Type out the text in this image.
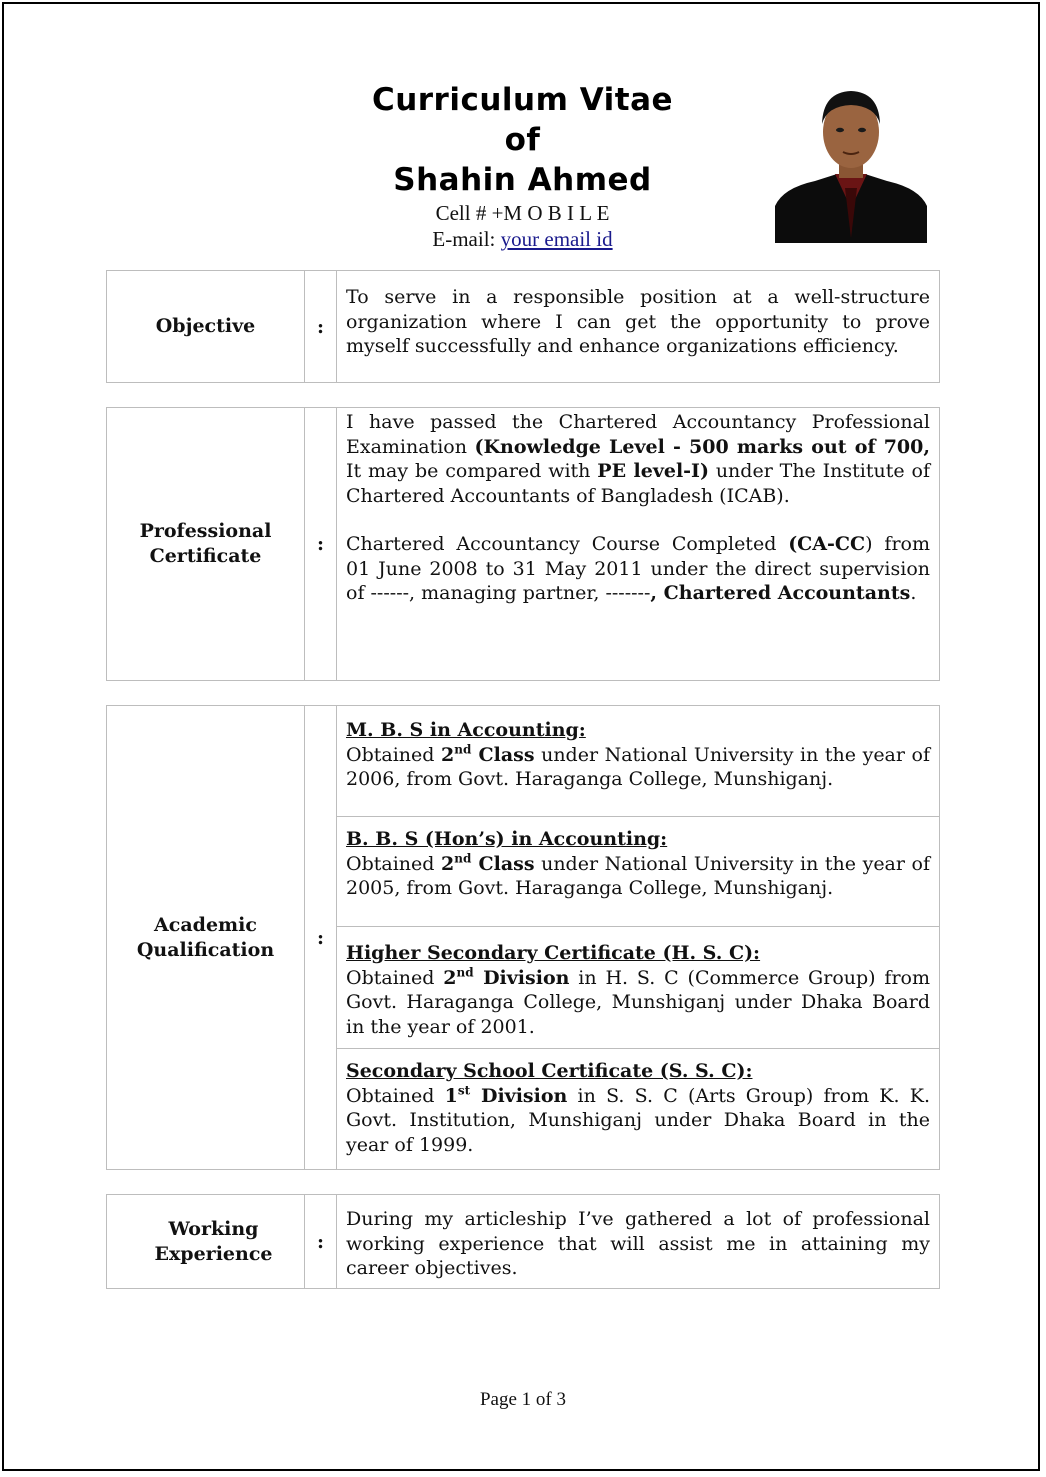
Curriculum Vitae
of
Shahin Ahmed
Cell # +M O B I L E
E-mail: your email id
Objective	:
To serve in a responsible position at a well-structure organization where I can get the opportunity to prove myself successfully and enhance organizations efficiency.
Professional
Certificate
:

I have passed the Chartered Accountancy Professional Examination (Knowledge Level - 500 marks out of 700, It may be compared with PE level-I) under The Institute of Chartered Accountants of Bangladesh (ICAB).

Chartered Accountancy Course Completed (CA-CC) from 01 June 2008 to 31 May 2011 under the direct supervision of ------, managing partner, -------, Chartered Accountants.

Academic
Qualification
:
M. B. S in Accounting:
Obtained 2nd Class under National University in the year of 2006, from Govt. Haraganga College, Munshiganj.
B. B. S (Hon’s) in Accounting:
Obtained 2nd Class under National University in the year of 2005, from Govt. Haraganga College, Munshiganj.
Higher Secondary Certificate (H. S. C):
Obtained 2nd Division in H. S. C (Commerce Group) from Govt. Haraganga College, Munshiganj under Dhaka Board in the year of 2001.
Secondary School Certificate (S. S. C):
Obtained 1st Division in S. S. C (Arts Group) from K. K. Govt. Institution, Munshiganj under Dhaka Board in the year of 1999.
Working
Experience
:
During my articleship I’ve gathered a lot of professional working experience that will assist me in attaining my career objectives.
Page 1 of 3
